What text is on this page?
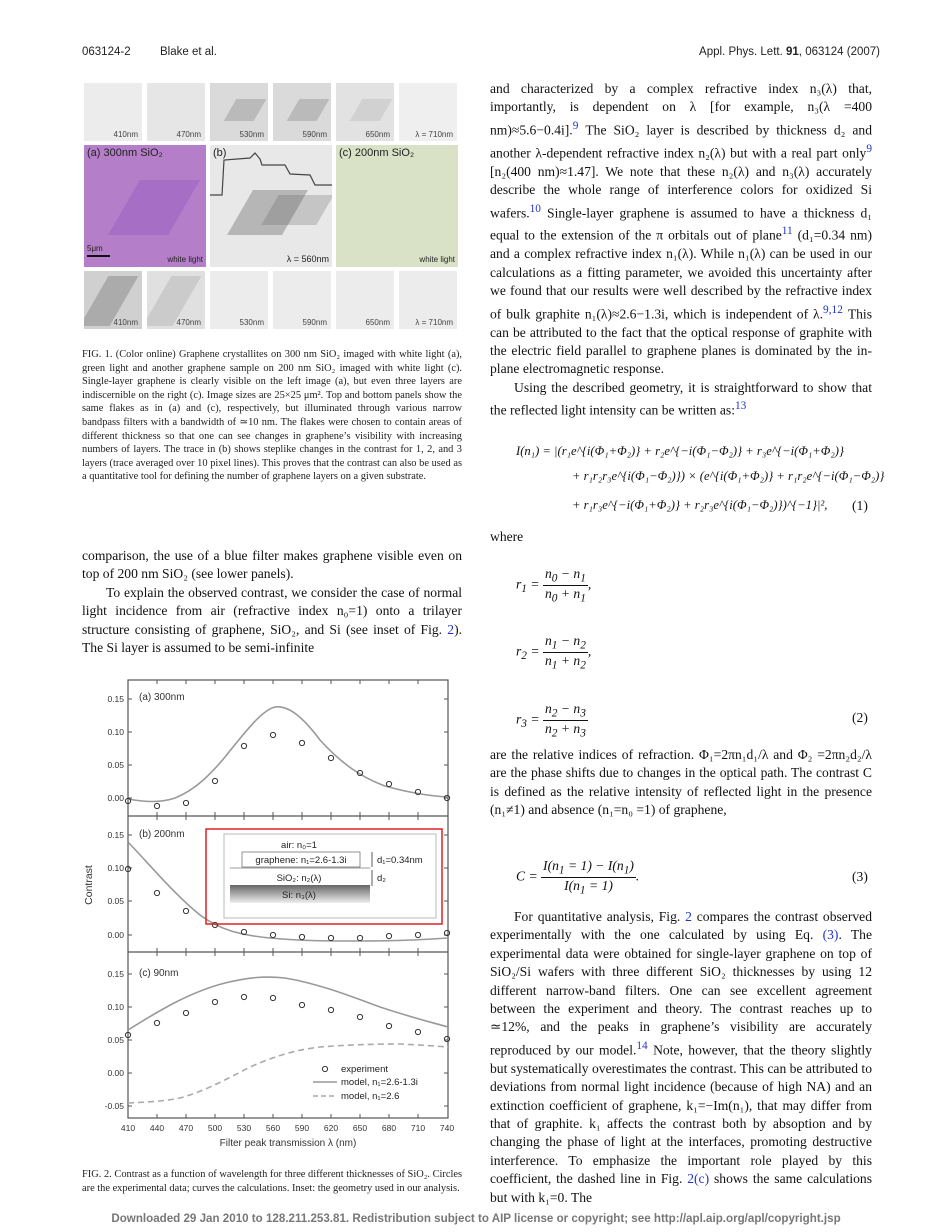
063124-2	Blake et al.	Appl. Phys. Lett. 91, 063124 (2007)
410nm	470nm	530nm	590nm	650nm	λ = 710nm
(a) 300nm SiO₂
5μm
white light
(b)
λ = 560nm
(c) 200nm SiO₂
white light
410nm	470nm	530nm	590nm	650nm	λ = 710nm
FIG. 1. (Color online) Graphene crystallites on 300 nm SiO₂ imaged with white light (a), green light and another graphene sample on 200 nm SiO₂ imaged with white light (c). Single-layer graphene is clearly visible on the left image (a), but even three layers are indiscernible on the right (c). Image sizes are 25×25 μm². Top and bottom panels show the same flakes as in (a) and (c), respectively, but illuminated through various narrow bandpass filters with a bandwidth of ≃10 nm. The flakes were chosen to contain areas of different thickness so that one can see changes in graphene’s visibility with increasing numbers of layers. The trace in (b) shows steplike changes in the contrast for 1, 2, and 3 layers (trace averaged over 10 pixel lines). This proves that the contrast can also be used as a quantitative tool for defining the number of graphene layers on a given substrate.

comparison, the use of a blue filter makes graphene visible even on top of 200 nm SiO₂ (see lower panels).

To explain the observed contrast, we consider the case of normal light incidence from air (refractive index n₀=1) onto a trilayer structure consisting of graphene, SiO₂, and Si (see inset of Fig. 2). The Si layer is assumed to be semi-infinite

0.15
0.10
0.05
0.00
0.15
0.10
0.05
0.00
0.15
0.10
0.05
0.00
-0.05
410 440 470 500 530 560 590 620 650 680 710 740
Filter peak transmission λ (nm)
Contrast
(a) 300nm
(b) 200nm
(c) 90nm
air: n₀=1
graphene: n₁=2.6-1.3i
SiO₂: n₂(λ)
Si: n₃(λ)
d₁=0.34nm
d₂
experiment
model, n₁=2.6-1.3i
model, n₁=2.6
FIG. 2. Contrast as a function of wavelength for three different thicknesses of SiO₂. Circles are the experimental data; curves the calculations. Inset: the geometry used in our analysis.

and characterized by a complex refractive index n₃(λ) that, importantly, is dependent on λ [for example, n₃(λ =400 nm)≈5.6−0.4i].$^9$ The SiO₂ layer is described by thickness d₂ and another λ-dependent refractive index n₂(λ) but with a real part only$^9$ [n₂(400 nm)≈1.47]. We note that these n₂(λ) and n₃(λ) accurately describe the whole range of interference colors for oxidized Si wafers.$^{10}$ Single-layer graphene is assumed to have a thickness d₁ equal to the extension of the π orbitals out of plane$^{11}$ (d₁=0.34 nm) and a complex refractive index n₁(λ). While n₁(λ) can be used in our calculations as a fitting parameter, we avoided this uncertainty after we found that our results were well described by the refractive index of bulk graphite n₁(λ)≈2.6−1.3i, which is independent of λ.$^{9,12}$ This can be attributed to the fact that the optical response of graphite with the electric field parallel to graphene planes is dominated by the in-plane electromagnetic response.

Using the described geometry, it is straightforward to show that the reflected light intensity can be written as:$^{13}$

I(n₁) = |(r₁e^{i(Φ₁+Φ₂)} + r₂e^{−i(Φ₁−Φ₂)} + r₃e^{−i(Φ₁+Φ₂)}
+ r₁r₂r₃e^{i(Φ₁−Φ₂)}) × (e^{i(Φ₁+Φ₂)} + r₁r₂e^{−i(Φ₁−Φ₂)}
+ r₁r₃e^{−i(Φ₁+Φ₂)} + r₂r₃e^{i(Φ₁−Φ₂)})^{−1}|², (1)
where
$r_1 = \frac{n_0 - n_1}{n_0 + n_1}$ ,
$r_2 = \frac{n_1 - n_2}{n_1 + n_2}$ ,
$r_3 = \frac{n_2 - n_3}{n_2 + n_3}$	(2)

are the relative indices of refraction. Φ₁=2πn₁d₁/λ and Φ₂ =2πn₂d₂/λ are the phase shifts due to changes in the optical path. The contrast C is defined as the relative intensity of reflected light in the presence (n₁≠1) and absence (n₁=n₀ =1) of graphene,

$C = \frac{I(n_1 = 1) - I(n_1)}{I(n_1 = 1)}$ .	(3)

For quantitative analysis, Fig. 2 compares the contrast observed experimentally with the one calculated by using Eq. (3). The experimental data were obtained for single-layer graphene on top of SiO₂/Si wafers with three different SiO₂ thicknesses by using 12 different narrow-band filters. One can see excellent agreement between the experiment and theory. The contrast reaches up to ≃12%, and the peaks in graphene’s visibility are accurately reproduced by our model.$^{14}$ Note, however, that the theory slightly but systematically overestimates the contrast. This can be attributed to deviations from normal light incidence (because of high NA) and an extinction coefficient of graphene, k₁=−Im(n₁), that may differ from that of graphite. k₁ affects the contrast both by absoption and by changing the phase of light at the interfaces, promoting destructive interference. To emphasize the important role played by this coefficient, the dashed line in Fig. 2(c) shows the same calculations but with k₁=0. The

Downloaded 29 Jan 2010 to 128.211.253.81. Redistribution subject to AIP license or copyright; see http://apl.aip.org/apl/copyright.jsp
